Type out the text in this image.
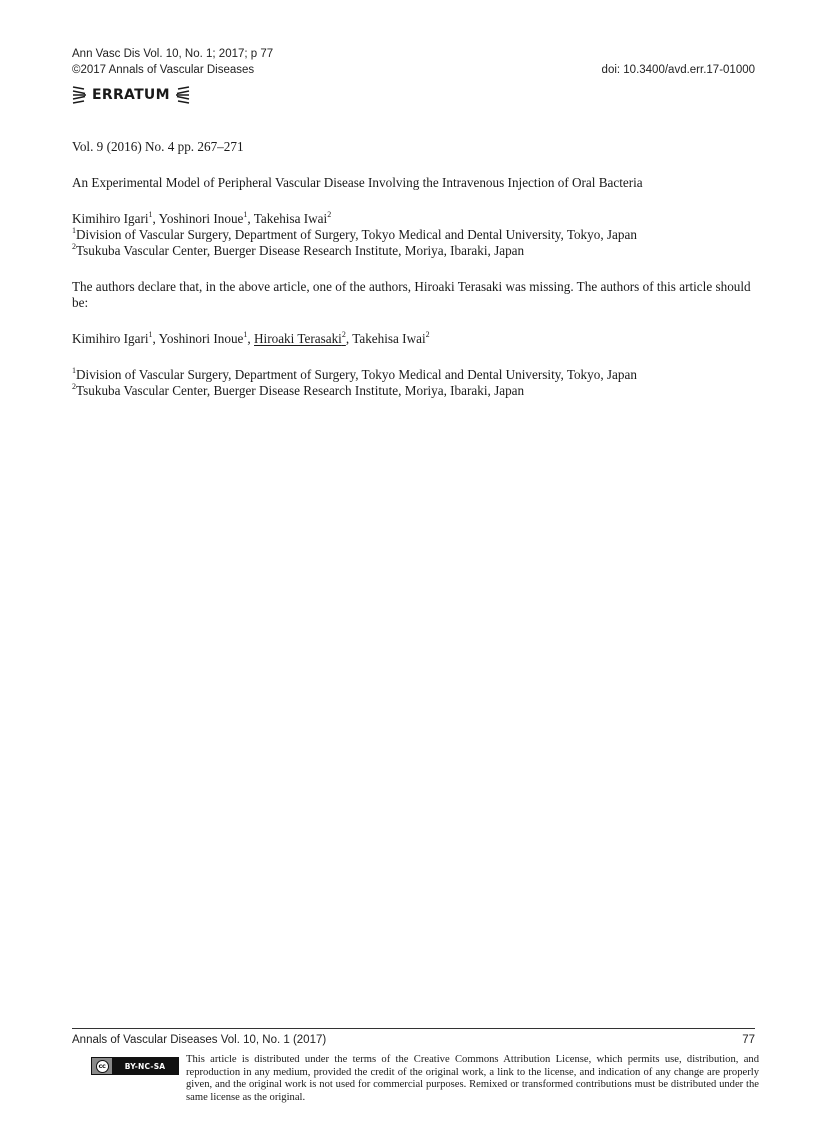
Ann Vasc Dis Vol. 10, No. 1; 2017; p 77
©2017 Annals of Vascular Diseases	doi: 10.3400/avd.err.17-01000
ERRATUM

Vol. 9 (2016) No. 4 pp. 267–271

An Experimental Model of Peripheral Vascular Disease Involving the Intravenous Injection of Oral Bacteria

Kimihiro Igari$^1$, Yoshinori Inoue$^1$, Takehisa Iwai$^2$

$^1$Division of Vascular Surgery, Department of Surgery, Tokyo Medical and Dental University, Tokyo, Japan

$^2$Tsukuba Vascular Center, Buerger Disease Research Institute, Moriya, Ibaraki, Japan

The authors declare that, in the above article, one of the authors, Hiroaki Terasaki was missing. The authors of this article should be:

Kimihiro Igari$^1$, Yoshinori Inoue$^1$, Hiroaki Terasaki$^2$, Takehisa Iwai$^2$

$^1$Division of Vascular Surgery, Department of Surgery, Tokyo Medical and Dental University, Tokyo, Japan

$^2$Tsukuba Vascular Center, Buerger Disease Research Institute, Moriya, Ibaraki, Japan

Annals of Vascular Diseases Vol. 10, No. 1 (2017)	77
cc	BY-NC-SA
This article is distributed under the terms of the Creative Commons Attribution License, which permits use, distribution, and reproduction in any medium, provided the credit of the original work, a link to the license, and indication of any change are properly given, and the original work is not used for commercial purposes. Remixed or transformed contributions must be distributed under the same license as the original.
